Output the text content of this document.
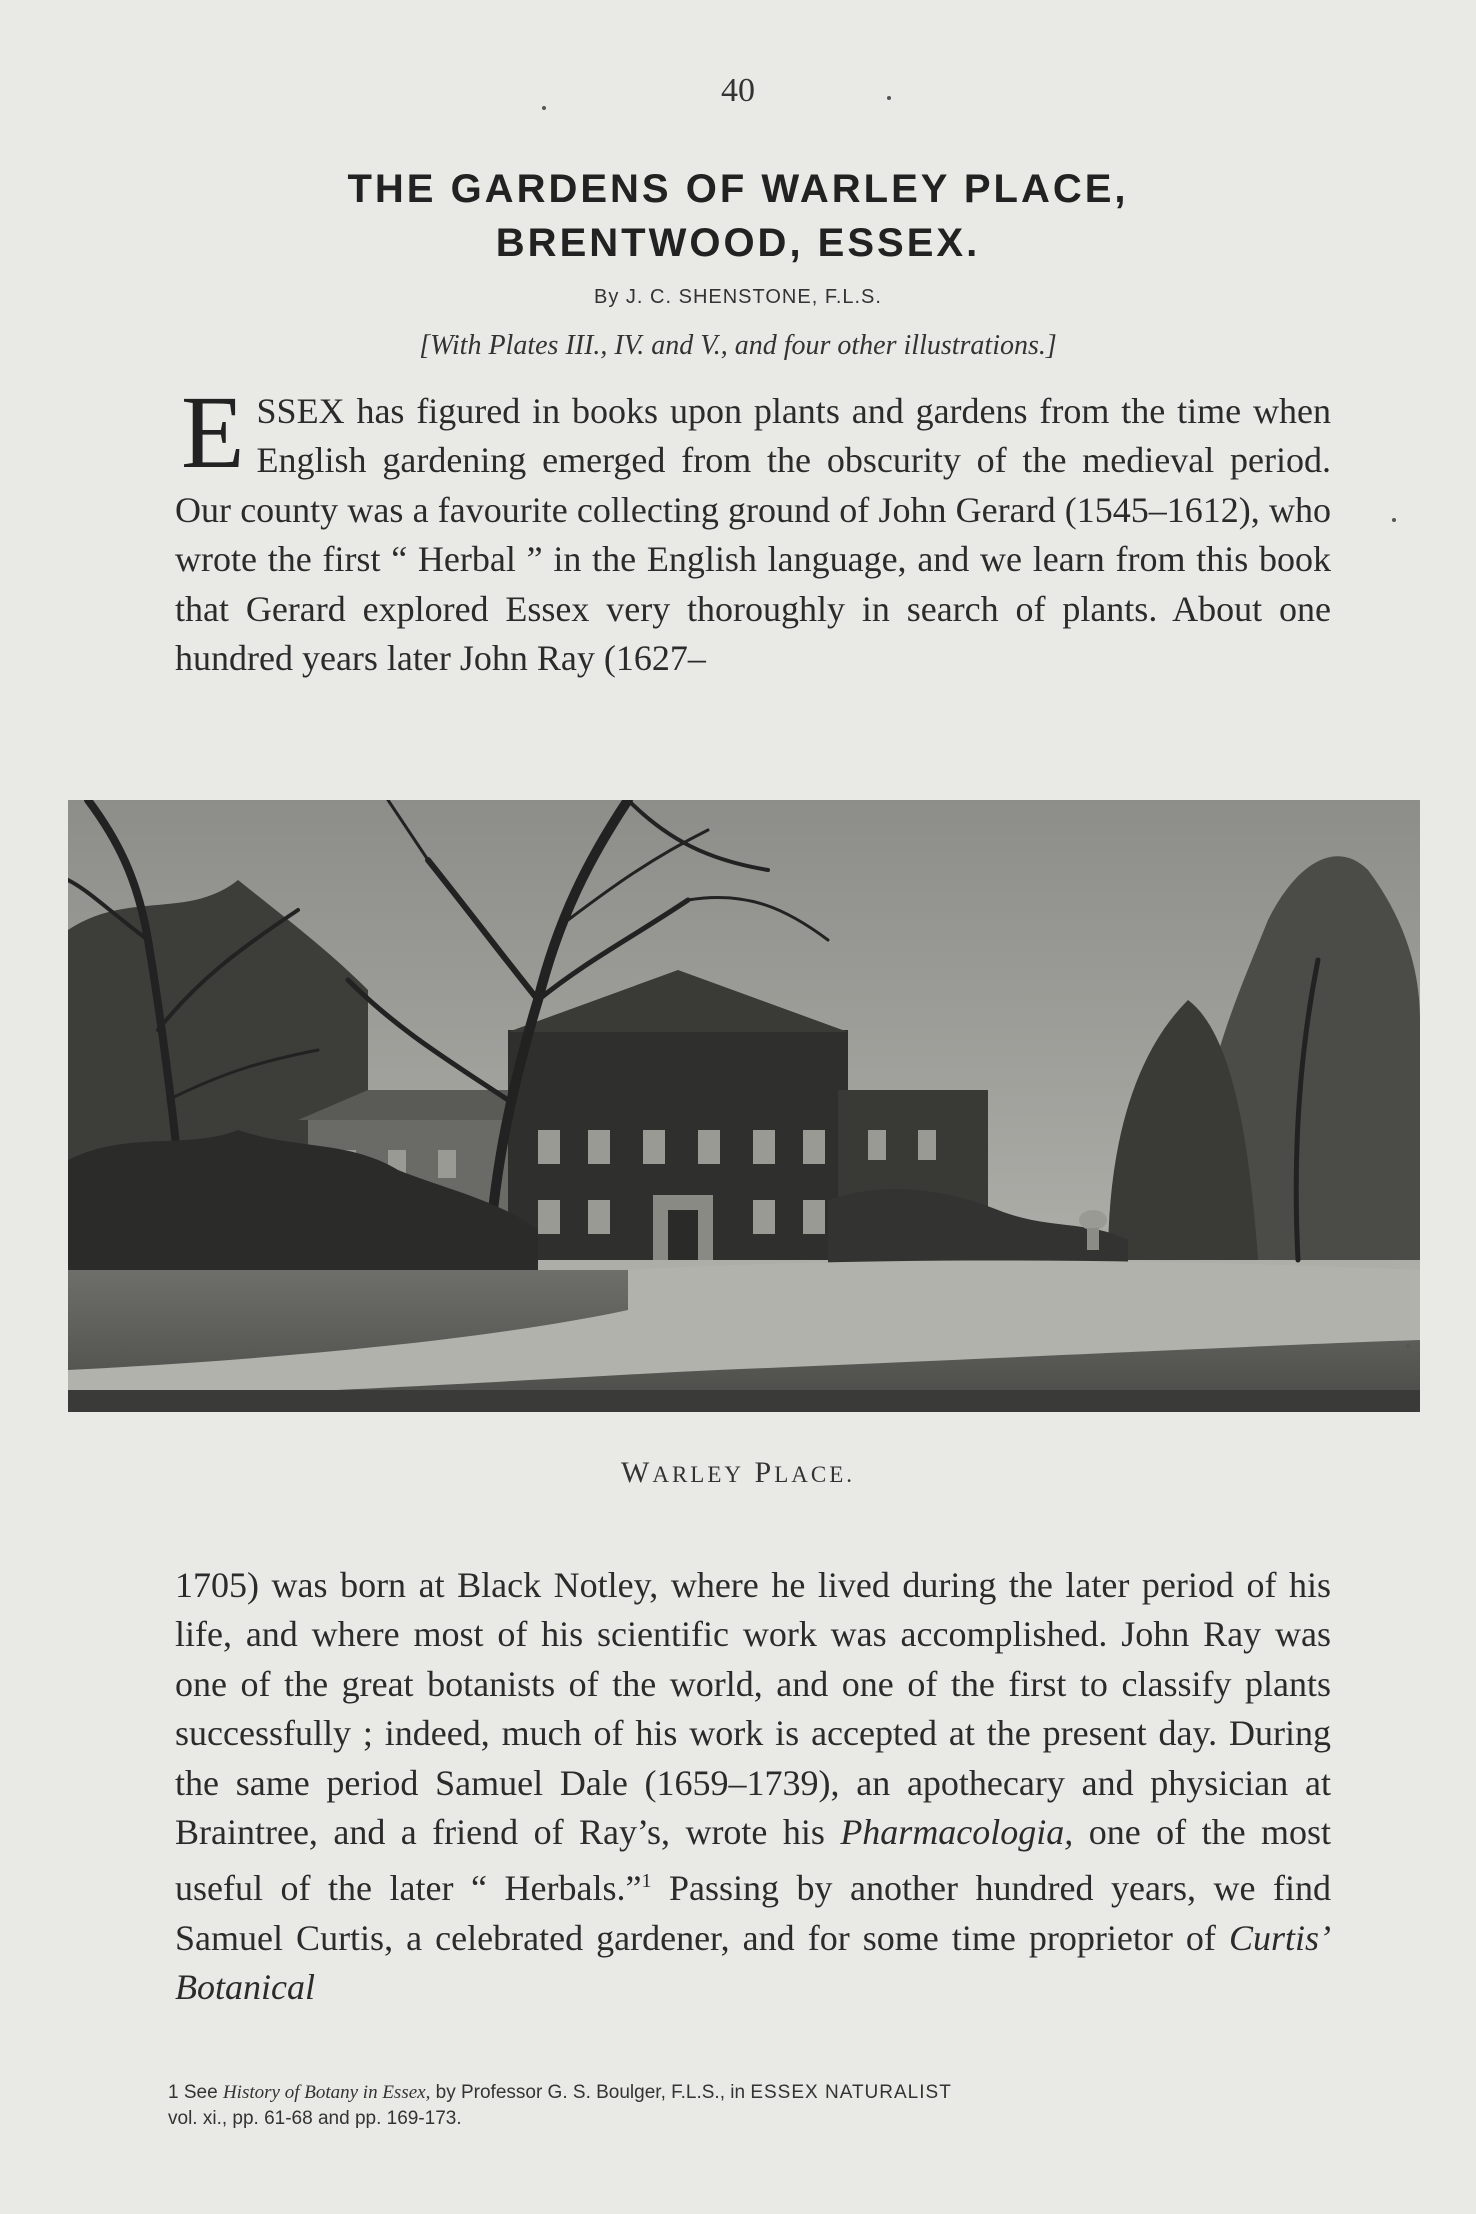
40
THE GARDENS OF WARLEY PLACE,
BRENTWOOD, ESSEX.
By J. C. SHENSTONE, F.L.S.
[With Plates III., IV. and V., and four other illustrations.]
ESSEX has figured in books upon plants and gardens from the time when English gardening emerged from the obscurity of the medieval period. Our county was a favourite collecting ground of John Gerard (1545–1612), who wrote the first “ Herbal ” in the English language, and we learn from this book that Gerard explored Essex very thoroughly in search of plants. About one hundred years later John Ray (1627–
WARLEY PLACE.
1705) was born at Black Notley, where he lived during the later period of his life, and where most of his scientific work was accomplished. John Ray was one of the great botanists of the world, and one of the first to classify plants successfully ; indeed, much of his work is accepted at the present day. During the same period Samuel Dale (1659–1739), an apothecary and physician at Braintree, and a friend of Ray’s, wrote his Pharmacologia, one of the most useful of the later “ Herbals.”$^1$ Passing by another hundred years, we find Samuel Curtis, a celebrated gardener, and for some time proprietor of Curtis’ Botanical
1 See History of Botany in Essex, by Professor G. S. Boulger, F.L.S., in ESSEX NATURALIST
vol. xi., pp. 61-68 and pp. 169-173.
